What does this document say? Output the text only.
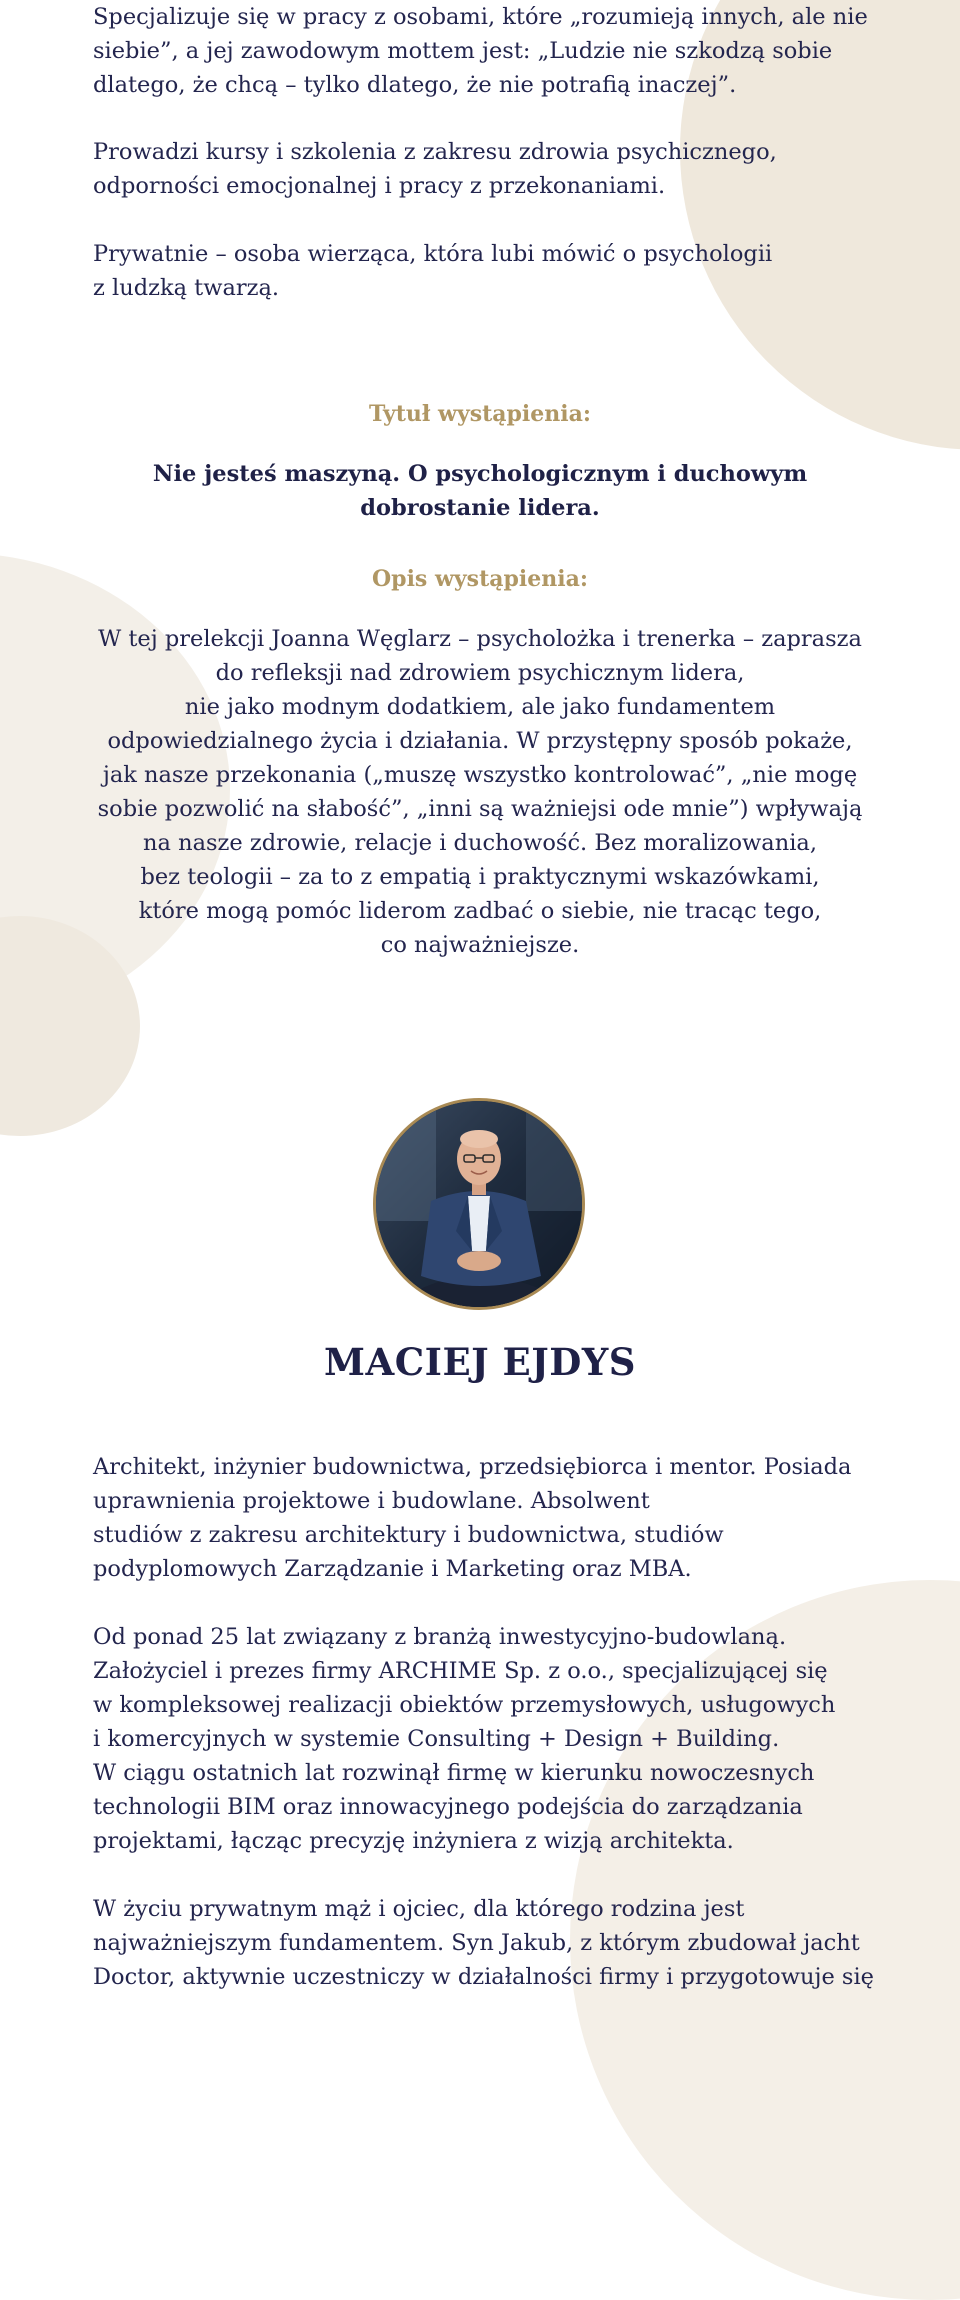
Specjalizuje się w pracy z osobami, które „rozumieją innych, ale nie
siebie”, a jej zawodowym mottem jest: „Ludzie nie szkodzą sobie
dlatego, że chcą – tylko dlatego, że nie potrafią inaczej”.

Prowadzi kursy i szkolenia z zakresu zdrowia psychicznego,
odporności emocjonalnej i pracy z przekonaniami.

Prywatnie – osoba wierząca, która lubi mówić o psychologii
z ludzką twarzą.

Tytuł wystąpienia:

Nie jesteś maszyną. O psychologicznym i duchowym
dobrostanie lidera.

Opis wystąpienia:

W tej prelekcji Joanna Węglarz – psycholożka i trenerka – zaprasza
do refleksji nad zdrowiem psychicznym lidera,
nie jako modnym dodatkiem, ale jako fundamentem
odpowiedzialnego życia i działania. W przystępny sposób pokaże,
jak nasze przekonania („muszę wszystko kontrolować”, „nie mogę
sobie pozwolić na słabość”, „inni są ważniejsi ode mnie”) wpływają
na nasze zdrowie, relacje i duchowość. Bez moralizowania,
bez teologii – za to z empatią i praktycznymi wskazówkami,
które mogą pomóc liderom zadbać o siebie, nie tracąc tego,
co najważniejsze.

MACIEJ EJDYS

Architekt, inżynier budownictwa, przedsiębiorca i mentor. Posiada
uprawnienia projektowe i budowlane. Absolwent
studiów z zakresu architektury i budownictwa, studiów
podyplomowych Zarządzanie i Marketing oraz MBA.

Od ponad 25 lat związany z branżą inwestycyjno-budowlaną.
Założyciel i prezes firmy ARCHIME Sp. z o.o., specjalizującej się
w kompleksowej realizacji obiektów przemysłowych, usługowych
i komercyjnych w systemie Consulting + Design + Building.
W ciągu ostatnich lat rozwinął firmę w kierunku nowoczesnych
technologii BIM oraz innowacyjnego podejścia do zarządzania
projektami, łącząc precyzję inżyniera z wizją architekta.

W życiu prywatnym mąż i ojciec, dla którego rodzina jest
najważniejszym fundamentem. Syn Jakub, z którym zbudował jacht
Doctor, aktywnie uczestniczy w działalności firmy i przygotowuje się
